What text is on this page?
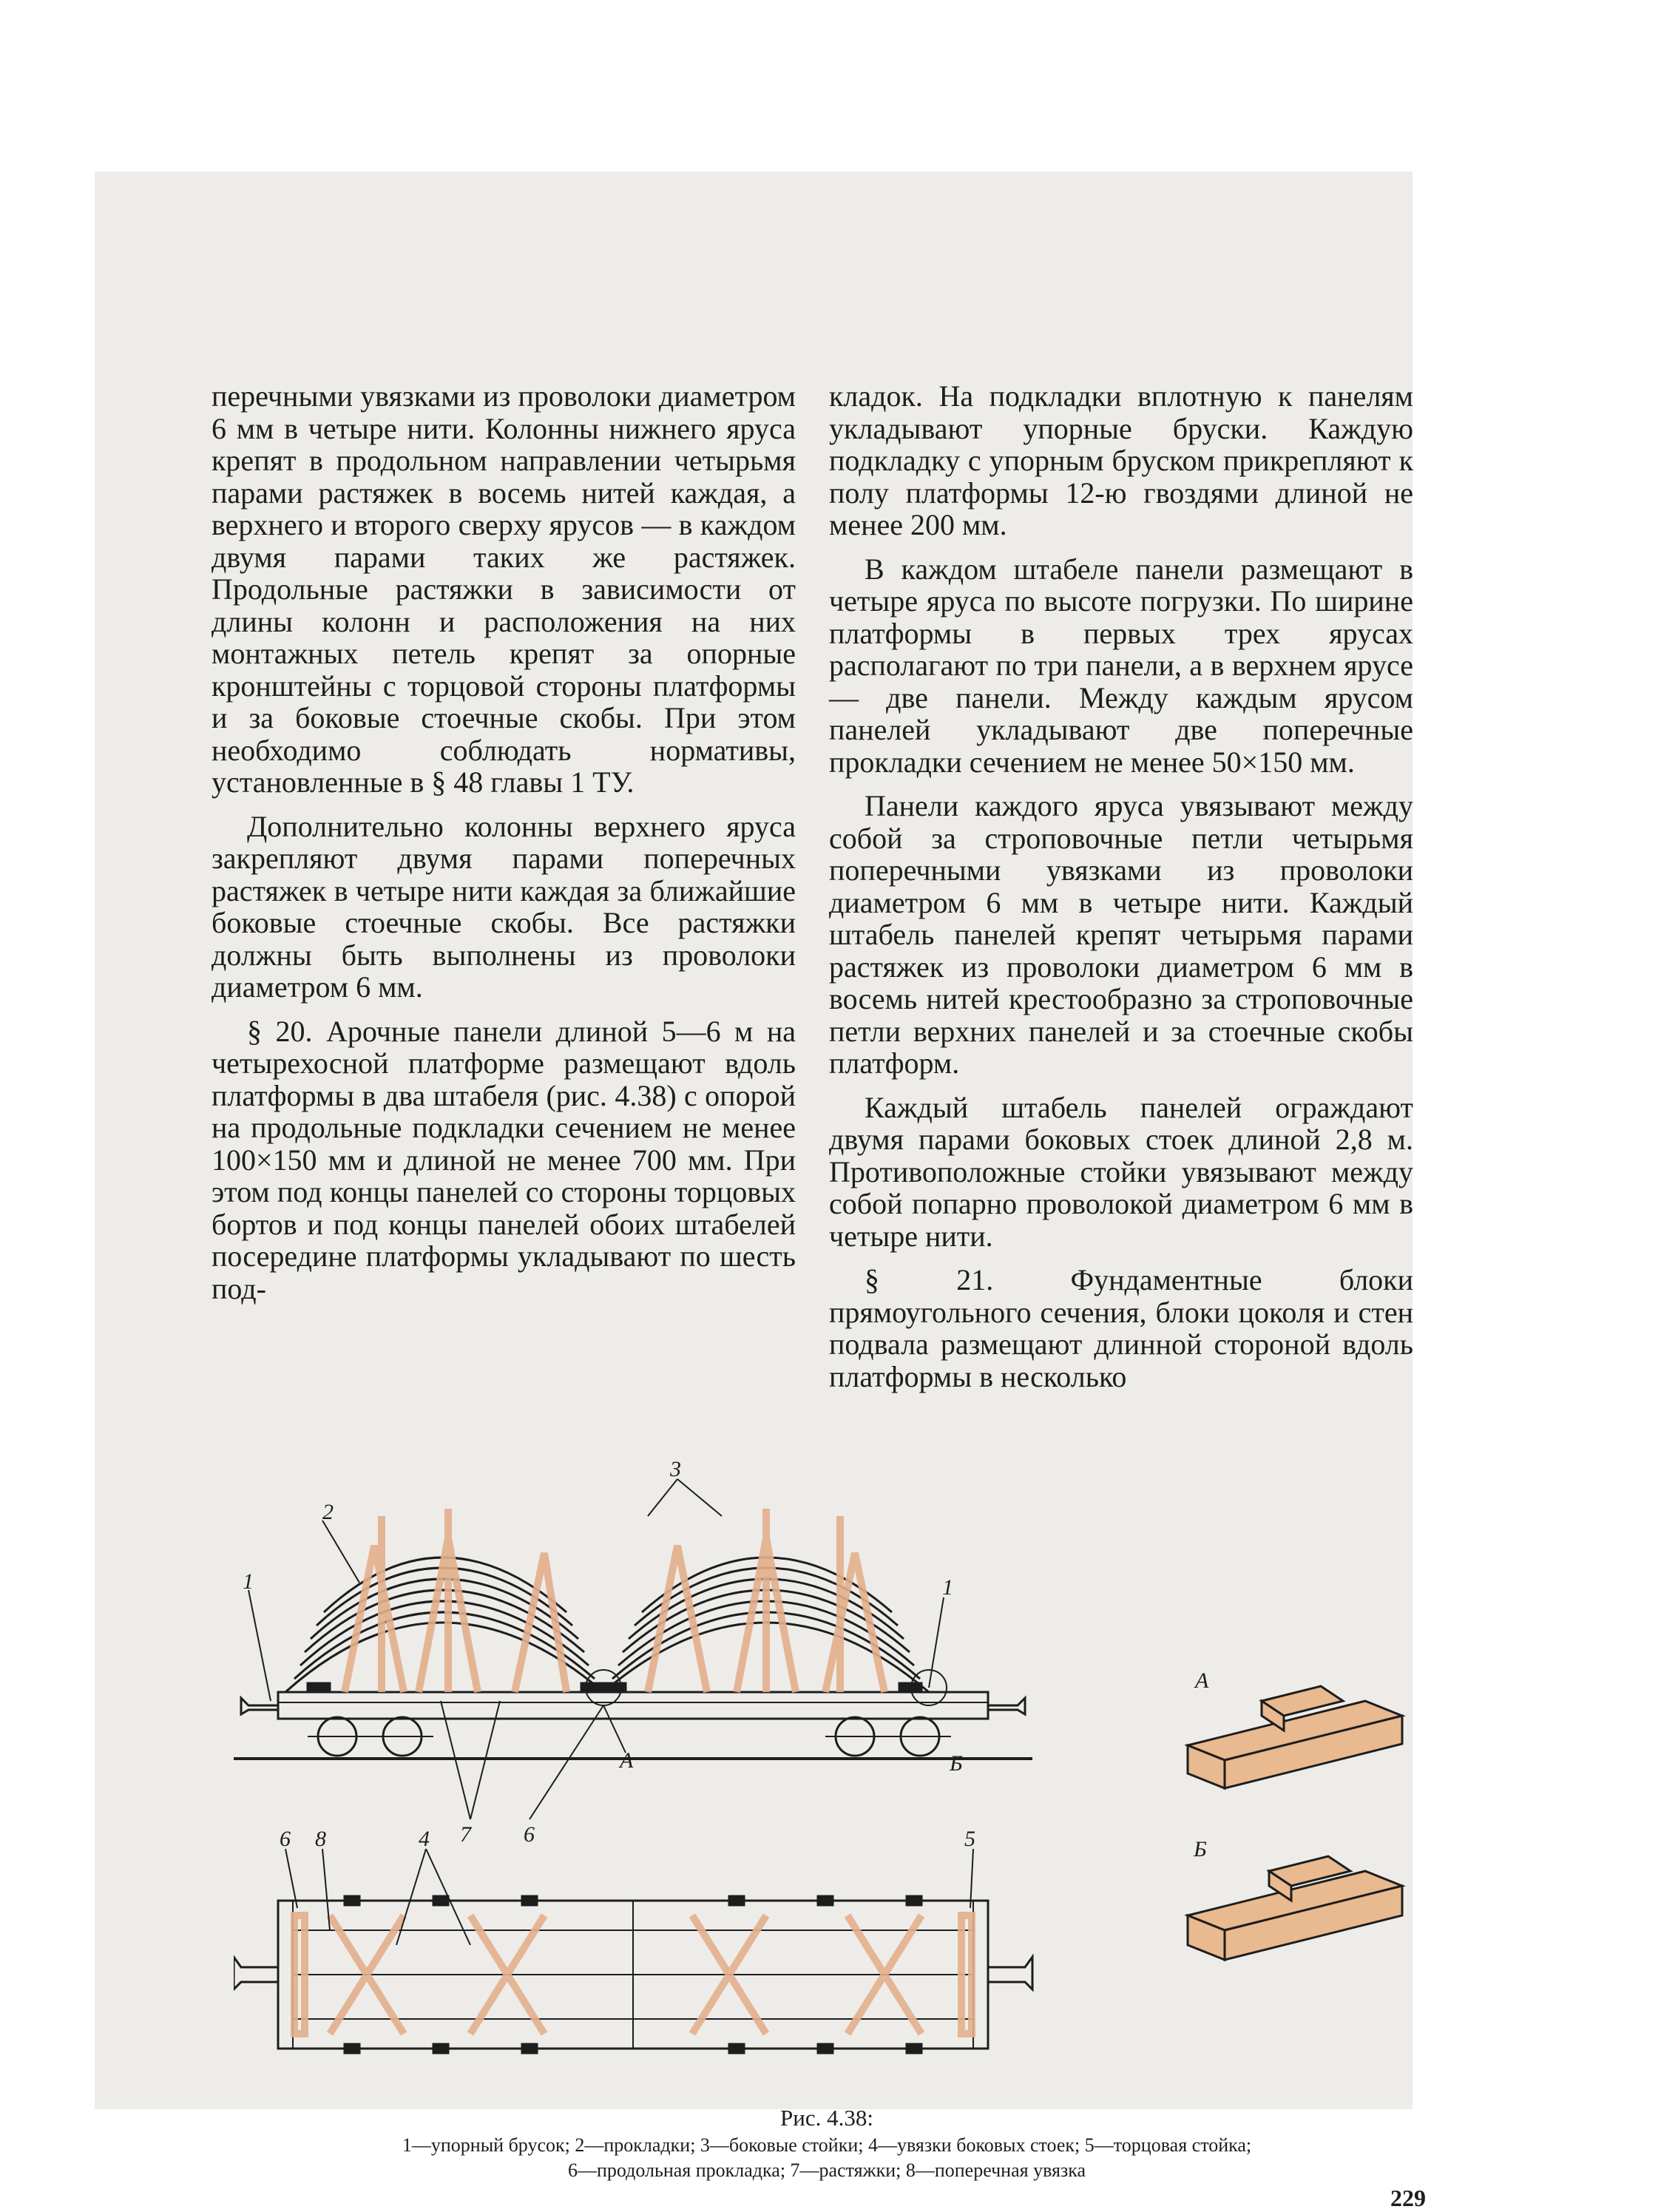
перечными увязками из проволоки диаметром 6 мм в четыре нити. Колонны нижнего яруса крепят в продольном направлении четырьмя парами растяжек в восемь нитей каждая, а верхнего и второго сверху ярусов — в каждом двумя парами таких же растяжек. Продольные растяжки в зависимости от длины колонн и расположения на них монтажных петель крепят за опорные кронштейны с торцовой стороны платформы и за боковые стоечные скобы. При этом необходимо соблюдать нормативы, установленные в § 48 главы 1 ТУ.

Дополнительно колонны верхнего яруса закрепляют двумя парами поперечных растяжек в четыре нити каждая за ближайшие боковые стоечные скобы. Все растяжки должны быть выполнены из проволоки диаметром 6 мм.

§ 20. Арочные панели длиной 5—6 м на четырехосной платформе размещают вдоль платформы в два штабеля (рис. 4.38) с опорой на продольные подкладки сечением не менее 100×150 мм и длиной не менее 700 мм. При этом под концы панелей со стороны торцовых бортов и под концы панелей обоих штабелей посередине платформы укладывают по шесть под-

кладок. На подкладки вплотную к панелям укладывают упорные бруски. Каждую подкладку с упорным бруском прикрепляют к полу платформы 12-ю гвоздями длиной не менее 200 мм.

В каждом штабеле панели размещают в четыре яруса по высоте погрузки. По ширине платформы в первых трех ярусах располагают по три панели, а в верхнем ярусе — две панели. Между каждым ярусом панелей укладывают две поперечные прокладки сечением не менее 50×150 мм.

Панели каждого яруса увязывают между собой за строповочные петли четырьмя поперечными увязками из проволоки диаметром 6 мм в четыре нити. Каждый штабель панелей крепят четырьмя парами растяжек из проволоки диаметром 6 мм в восемь нитей крестообразно за строповочные петли верхних панелей и за стоечные скобы платформ.

Каждый штабель панелей ограждают двумя парами боковых стоек длиной 2,8 м. Противоположные стойки увязывают между собой попарно проволокой диаметром 6 мм в четыре нити.

§ 21. Фундаментные блоки прямоугольного сечения, блоки цоколя и стен подвала размещают длинной стороной вдоль платформы в несколько

2
1
3
1
А	Б
7 6
А
Б
6 8	4	5
Рис. 4.38:
1—упорный брусок; 2—прокладки; 3—боковые стойки; 4—увязки боковых стоек; 5—торцовая стойка;
6—продольная прокладка; 7—растяжки; 8—поперечная увязка
229
